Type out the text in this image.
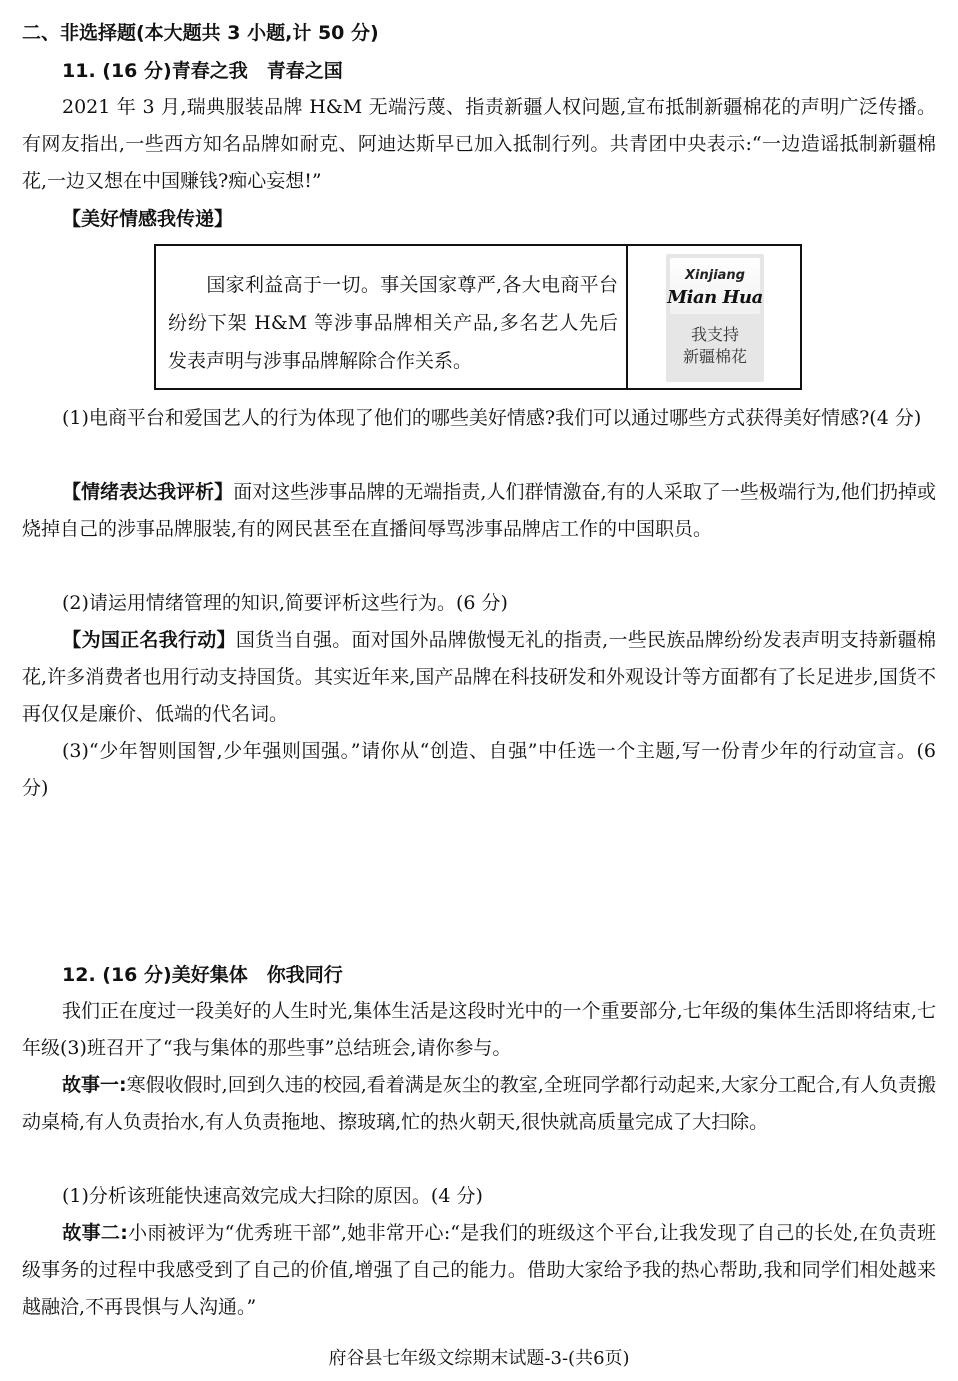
二、非选择题(本大题共 3 小题,计 50 分)
11. (16 分)青春之我　青春之国
2021 年 3 月,瑞典服装品牌 H&M 无端污蔑、指责新疆人权问题,宣布抵制新疆棉花的声明广泛传播。有网友指出,一些西方知名品牌如耐克、阿迪达斯早已加入抵制行列。共青团中央表示:“一边造谣抵制新疆棉花,一边又想在中国赚钱?痴心妄想!”
【美好情感我传递】
国家利益高于一切。事关国家尊严,各大电商平台纷纷下架 H&M 等涉事品牌相关产品,多名艺人先后发表声明与涉事品牌解除合作关系。
Xinjiang
Mian Hua
我支持
新疆棉花
(1)电商平台和爱国艺人的行为体现了他们的哪些美好情感?我们可以通过哪些方式获得美好情感?(4 分)
【情绪表达我评析】面对这些涉事品牌的无端指责,人们群情激奋,有的人采取了一些极端行为,他们扔掉或烧掉自己的涉事品牌服装,有的网民甚至在直播间辱骂涉事品牌店工作的中国职员。
(2)请运用情绪管理的知识,简要评析这些行为。(6 分)
【为国正名我行动】国货当自强。面对国外品牌傲慢无礼的指责,一些民族品牌纷纷发表声明支持新疆棉花,许多消费者也用行动支持国货。其实近年来,国产品牌在科技研发和外观设计等方面都有了长足进步,国货不再仅仅是廉价、低端的代名词。
(3)“少年智则国智,少年强则国强。”请你从“创造、自强”中任选一个主题,写一份青少年的行动宣言。(6 分)
12. (16 分)美好集体　你我同行
我们正在度过一段美好的人生时光,集体生活是这段时光中的一个重要部分,七年级的集体生活即将结束,七年级(3)班召开了“我与集体的那些事”总结班会,请你参与。
故事一:寒假收假时,回到久违的校园,看着满是灰尘的教室,全班同学都行动起来,大家分工配合,有人负责搬动桌椅,有人负责抬水,有人负责拖地、擦玻璃,忙的热火朝天,很快就高质量完成了大扫除。
(1)分析该班能快速高效完成大扫除的原因。(4 分)
故事二:小雨被评为“优秀班干部”,她非常开心:“是我们的班级这个平台,让我发现了自己的长处,在负责班级事务的过程中我感受到了自己的价值,增强了自己的能力。借助大家给予我的热心帮助,我和同学们相处越来越融洽,不再畏惧与人沟通。”
府谷县七年级文综期末试题-3-(共6页)
